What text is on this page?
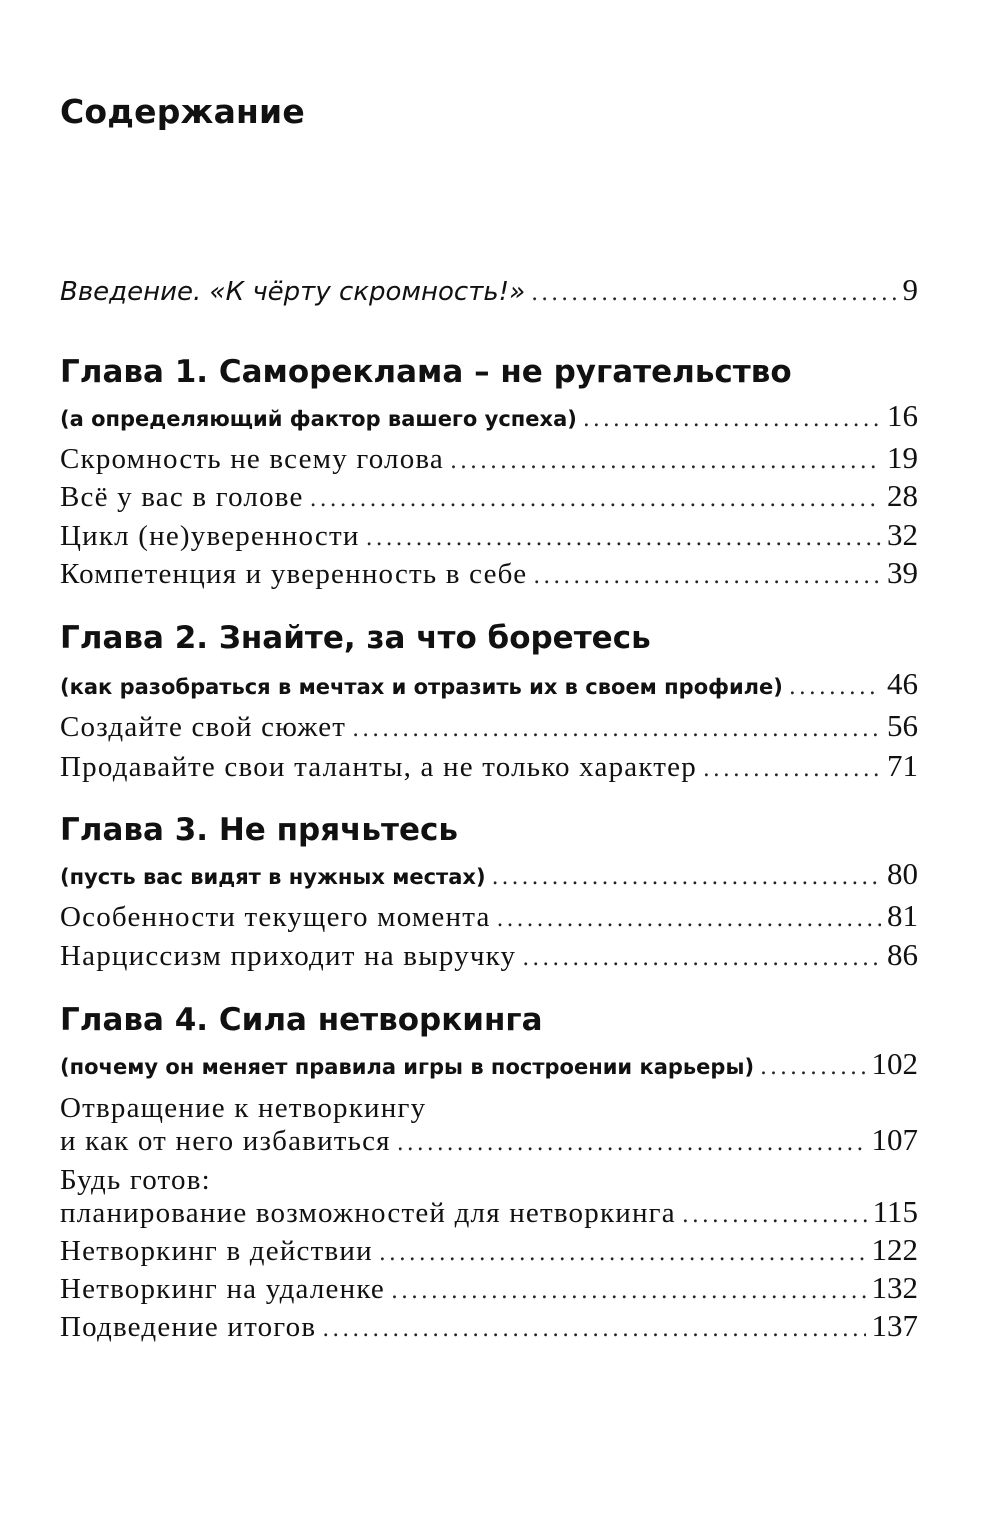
Содержание
Введение. «К чёрту скромность!» .....	9
Глава 1. Самореклама – не ругательство
(а определяющий фактор вашего успеха) .....	16
Скромность не всему голова .....	19
Всё у вас в голове .....	28
Цикл (не)уверенности .....	32
Компетенция и уверенность в себе .....	39
Глава 2. Знайте, за что боретесь
(как разобраться в мечтах и отразить их в своем профиле) .....	46
Создайте свой сюжет .....	56
Продавайте свои таланты, а не только характер .....	71
Глава 3. Не прячьтесь
(пусть вас видят в нужных местах) .....	80
Особенности текущего момента .....	81
Нарциссизм приходит на выручку .....	86
Глава 4. Сила нетворкинга
(почему он меняет правила игры в построении карьеры) .....	102
Отвращение к нетворкингу
и как от него избавиться .....	107
Будь готов:
планирование возможностей для нетворкинга .....	115
Нетворкинг в действии .....	122
Нетворкинг на удаленке .....	132
Подведение итогов .....	137
